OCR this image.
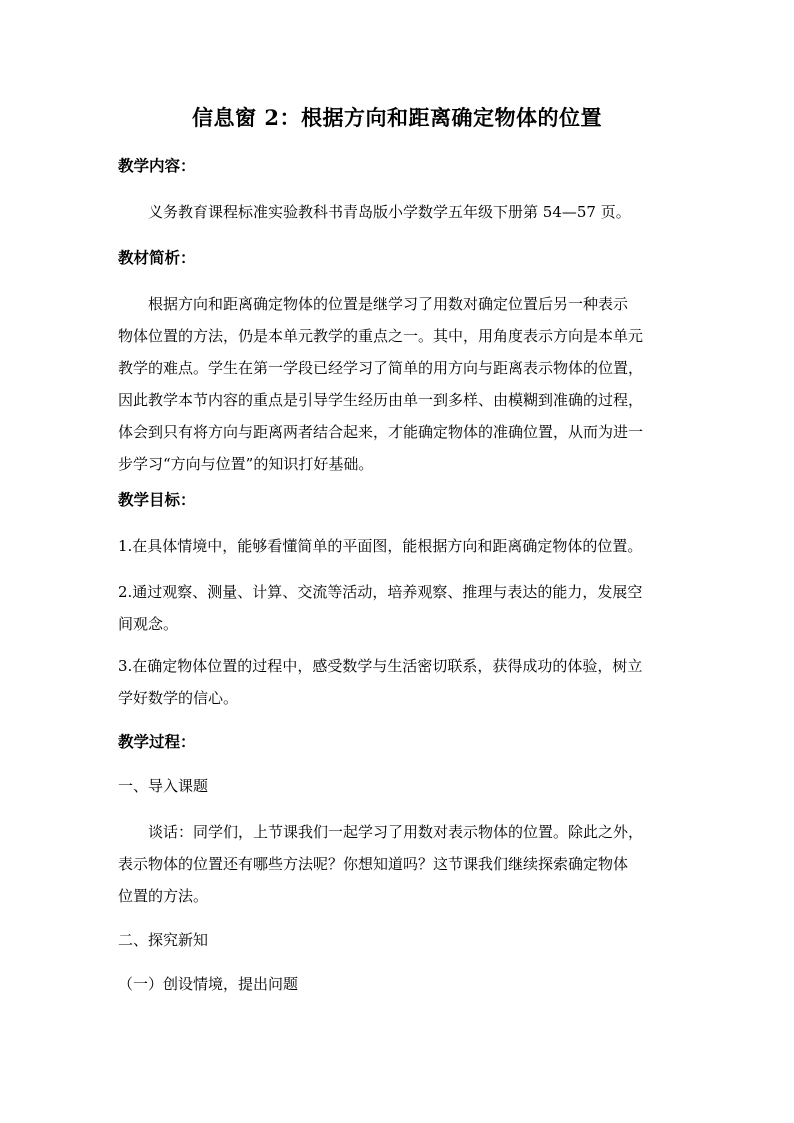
信息窗 2：根据方向和距离确定物体的位置
教学内容：
义务教育课程标准实验教科书青岛版小学数学五年级下册第 54—57 页。
教材简析：
根据方向和距离确定物体的位置是继学习了用数对确定位置后另一种表示
物体位置的方法，仍是本单元教学的重点之一。其中，用角度表示方向是本单元
教学的难点。学生在第一学段已经学习了简单的用方向与距离表示物体的位置，
因此教学本节内容的重点是引导学生经历由单一到多样、由模糊到准确的过程，
体会到只有将方向与距离两者结合起来，才能确定物体的准确位置，从而为进一
步学习“方向与位置”的知识打好基础。
教学目标：
1.在具体情境中，能够看懂简单的平面图，能根据方向和距离确定物体的位置。
2.通过观察、测量、计算、交流等活动，培养观察、推理与表达的能力，发展空
间观念。
3.在确定物体位置的过程中，感受数学与生活密切联系，获得成功的体验，树立
学好数学的信心。
教学过程：
一、导入课题
谈话：同学们，上节课我们一起学习了用数对表示物体的位置。除此之外，
表示物体的位置还有哪些方法呢？你想知道吗？这节课我们继续探索确定物体
位置的方法。
二、探究新知
（一）创设情境，提出问题
